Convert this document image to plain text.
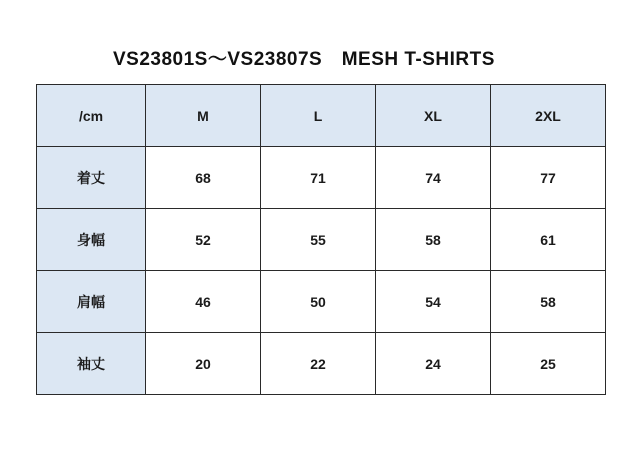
VS23801S〜VS23807S　MESH T-SHIRTS
/cm	M	L	XL	2XL
着丈	68	71	74	77
身幅	52	55	58	61
肩幅	46	50	54	58
袖丈	20	22	24	25
